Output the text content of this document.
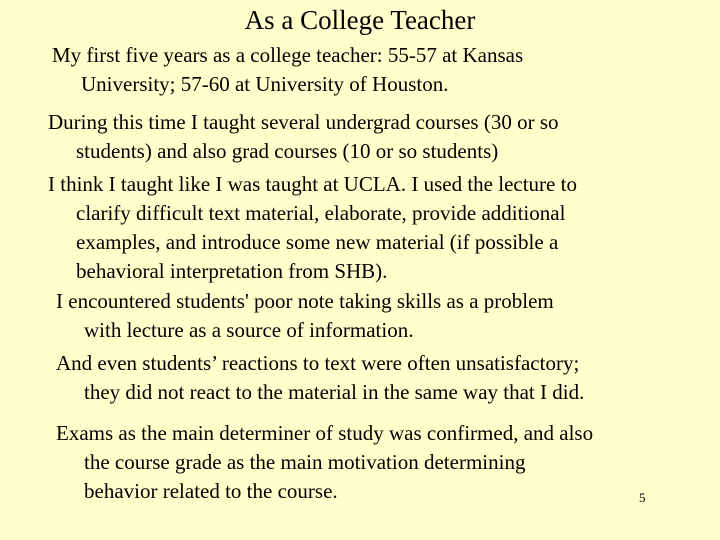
As a College Teacher
My first five years as a college teacher: 55-57 at Kansas
University; 57-60 at University of Houston.
During this time I taught several undergrad courses (30 or so
students) and also grad courses (10 or so students)
I think I taught like I was taught at UCLA. I used the lecture to
clarify difficult text material, elaborate, provide additional
examples, and introduce some new material (if possible a
behavioral interpretation from SHB).
I encountered students' poor note taking skills as a problem
with lecture as a source of information.
And even students’ reactions to text were often unsatisfactory;
they did not react to the material in the same way that I did.
Exams as the main determiner of study was confirmed, and also
the course grade as the main motivation determining
behavior related to the course.	5
